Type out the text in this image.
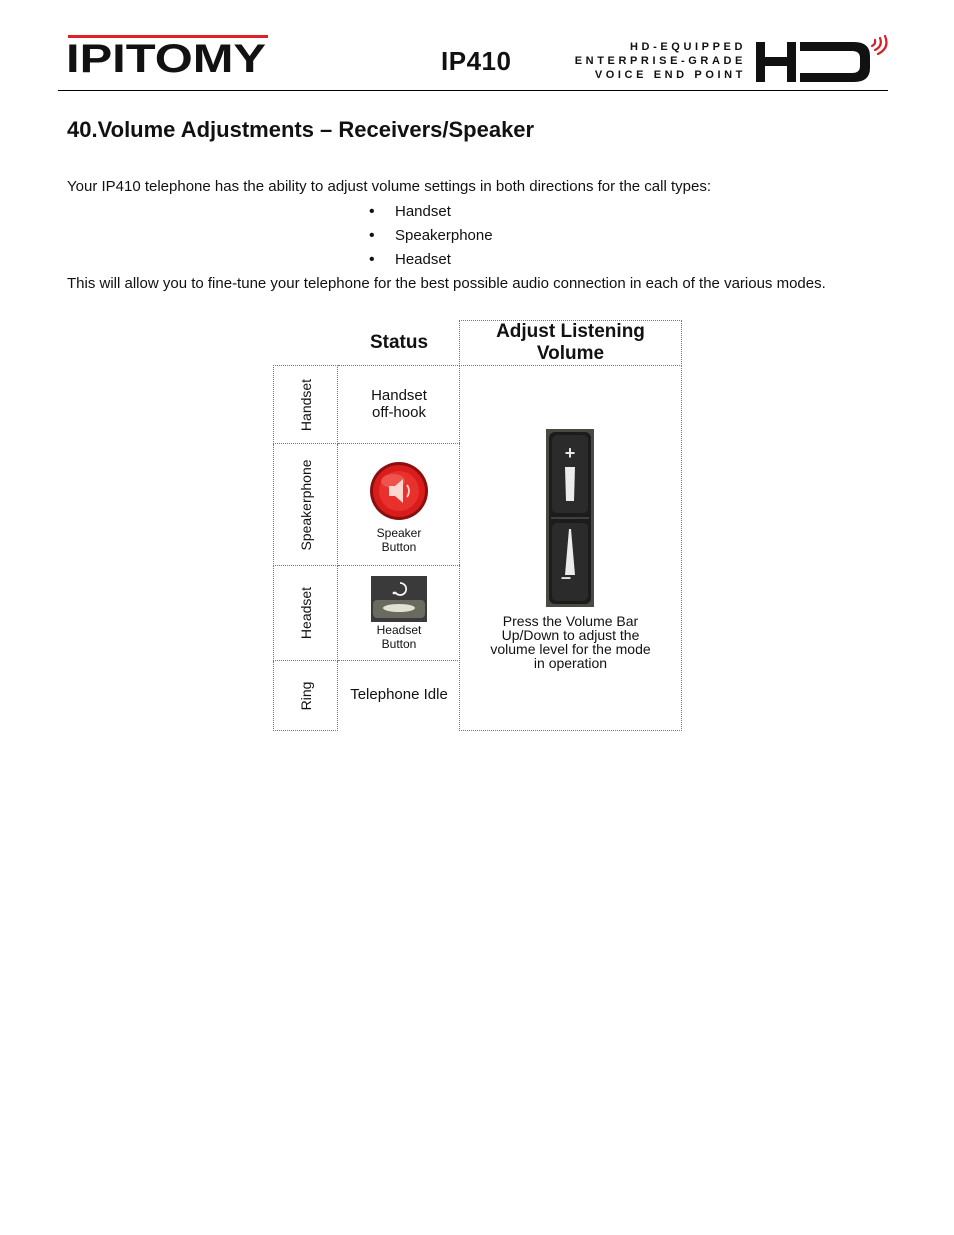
IPITOMY	IP410	HD-EQUIPPED
ENTERPRISE-GRADE
VOICE END POINT
40.Volume Adjustments – Receivers/Speaker
Your IP410 telephone has the ability to adjust volume settings in both directions for the call types:
• Handset
• Speakerphone
• Headset
This will allow you to fine-tune your telephone for the best possible audio connection in each of the various modes.
Status
Adjust Listening
Volume
Handset	Handset
off-hook
Speakerphone	Speaker
Button
Headset	Headset
Button
Ring	Telephone Idle
+
–
Press the Volume Bar
Up/Down to adjust the
volume level for the mode
in operation
